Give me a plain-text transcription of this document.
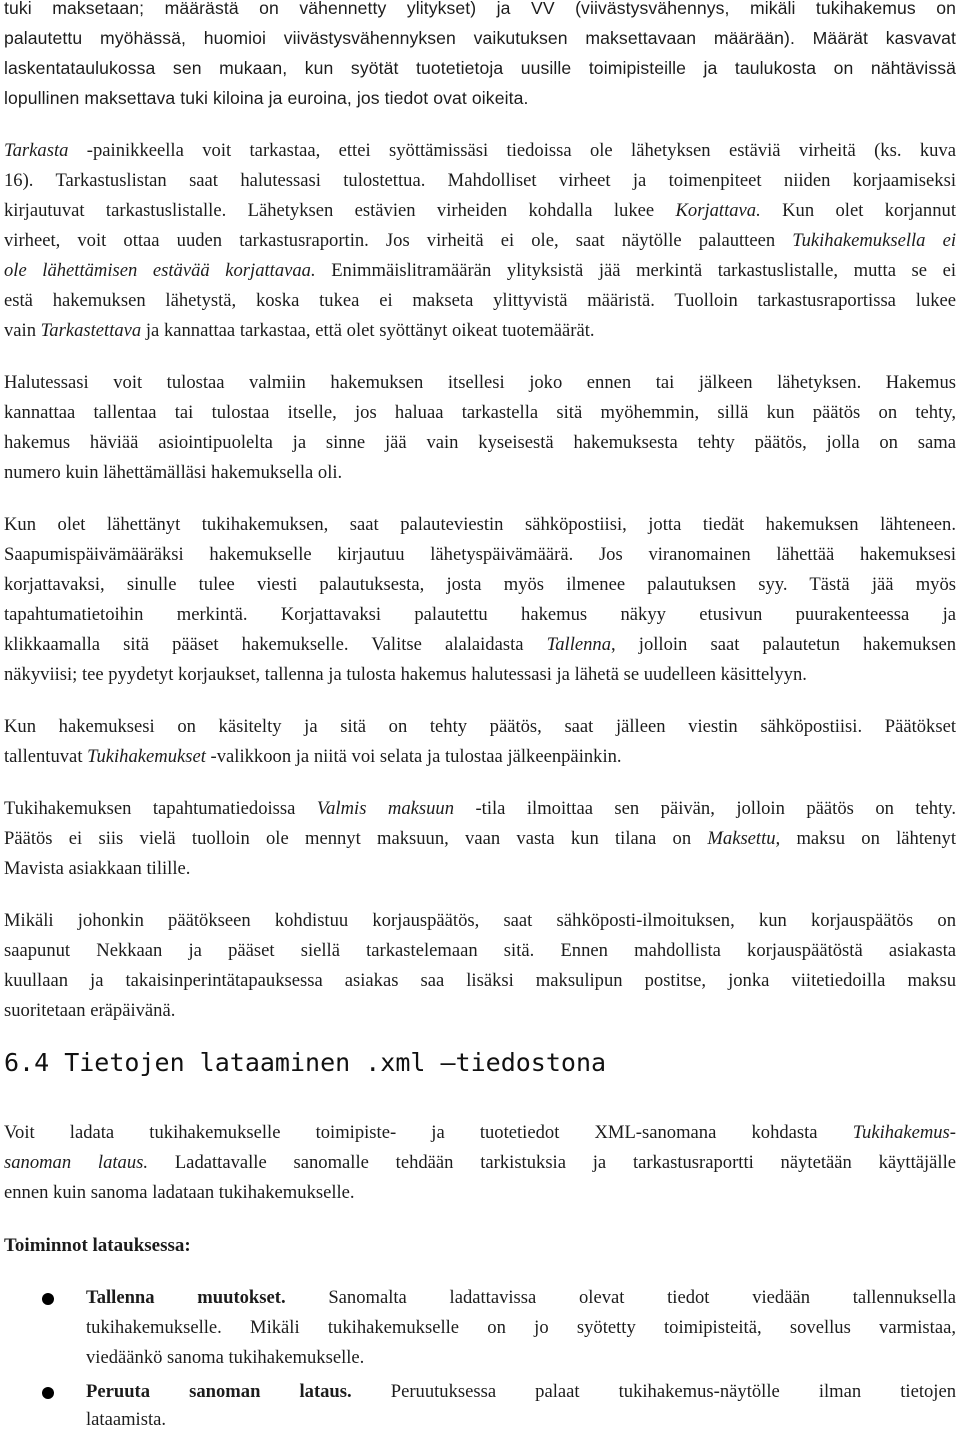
tuki maksetaan; määrästä on vähennetty ylitykset) ja VV (viivästysvähennys, mikäli tukihakemus on
palautettu myöhässä, huomioi viivästysvähennyksen vaikutuksen maksettavaan määrään). Määrät kasvavat
laskentataulukossa sen mukaan, kun syötät tuotetietoja uusille toimipisteille ja taulukosta on nähtävissä
lopullinen maksettava tuki kiloina ja euroina, jos tiedot ovat oikeita.
Tarkasta -painikkeella voit tarkastaa, ettei syöttämissäsi tiedoissa ole lähetyksen estäviä virheitä (ks. kuva
16). Tarkastuslistan saat halutessasi tulostettua. Mahdolliset virheet ja toimenpiteet niiden korjaamiseksi
kirjautuvat tarkastuslistalle. Lähetyksen estävien virheiden kohdalla lukee Korjattava. Kun olet korjannut
virheet, voit ottaa uuden tarkastusraportin. Jos virheitä ei ole, saat näytölle palautteen Tukihakemuksella ei
ole lähettämisen estävää korjattavaa. Enimmäislitramäärän ylityksistä jää merkintä tarkastuslistalle, mutta se ei
estä hakemuksen lähetystä, koska tukea ei makseta ylittyvistä määristä. Tuolloin tarkastusraportissa lukee
vain Tarkastettava ja kannattaa tarkastaa, että olet syöttänyt oikeat tuotemäärät.
Halutessasi voit tulostaa valmiin hakemuksen itsellesi joko ennen tai jälkeen lähetyksen. Hakemus
kannattaa tallentaa tai tulostaa itselle, jos haluaa tarkastella sitä myöhemmin, sillä kun päätös on tehty,
hakemus häviää asiointipuolelta ja sinne jää vain kyseisestä hakemuksesta tehty päätös, jolla on sama
numero kuin lähettämälläsi hakemuksella oli.
Kun olet lähettänyt tukihakemuksen, saat palauteviestin sähköpostiisi, jotta tiedät hakemuksen lähteneen.
Saapumispäivämääräksi hakemukselle kirjautuu lähetyspäivämäärä. Jos viranomainen lähettää hakemuksesi
korjattavaksi, sinulle tulee viesti palautuksesta, josta myös ilmenee palautuksen syy. Tästä jää myös
tapahtumatietoihin merkintä. Korjattavaksi palautettu hakemus näkyy etusivun puurakenteessa ja
klikkaamalla sitä pääset hakemukselle. Valitse alalaidasta Tallenna, jolloin saat palautetun hakemuksen
näkyviisi; tee pyydetyt korjaukset, tallenna ja tulosta hakemus halutessasi ja lähetä se uudelleen käsittelyyn.
Kun hakemuksesi on käsitelty ja sitä on tehty päätös, saat jälleen viestin sähköpostiisi. Päätökset
tallentuvat Tukihakemukset -valikkoon ja niitä voi selata ja tulostaa jälkeenpäinkin.
Tukihakemuksen tapahtumatiedoissa Valmis maksuun -tila ilmoittaa sen päivän, jolloin päätös on tehty.
Päätös ei siis vielä tuolloin ole mennyt maksuun, vaan vasta kun tilana on Maksettu, maksu on lähtenyt
Mavista asiakkaan tilille.
Mikäli johonkin päätökseen kohdistuu korjauspäätös, saat sähköposti-ilmoituksen, kun korjauspäätös on
saapunut Nekkaan ja pääset siellä tarkastelemaan sitä. Ennen mahdollista korjauspäätöstä asiakasta
kuullaan ja takaisinperintätapauksessa asiakas saa lisäksi maksulipun postitse, jonka viitetiedoilla maksu
suoritetaan eräpäivänä.
6.4 Tietojen lataaminen .xml –tiedostona
Voit ladata tukihakemukselle toimipiste- ja tuotetiedot XML-sanomana kohdasta Tukihakemus-
sanoman lataus. Ladattavalle sanomalle tehdään tarkistuksia ja tarkastusraportti näytetään käyttäjälle
ennen kuin sanoma ladataan tukihakemukselle.
Toiminnot latauksessa:
Tallenna muutokset. Sanomalta ladattavissa olevat tiedot viedään tallennuksella
tukihakemukselle. Mikäli tukihakemukselle on jo syötetty toimipisteitä, sovellus varmistaa,
viedäänkö sanoma tukihakemukselle.
Peruuta sanoman lataus. Peruutuksessa palaat tukihakemus-näytölle ilman tietojen
lataamista.
